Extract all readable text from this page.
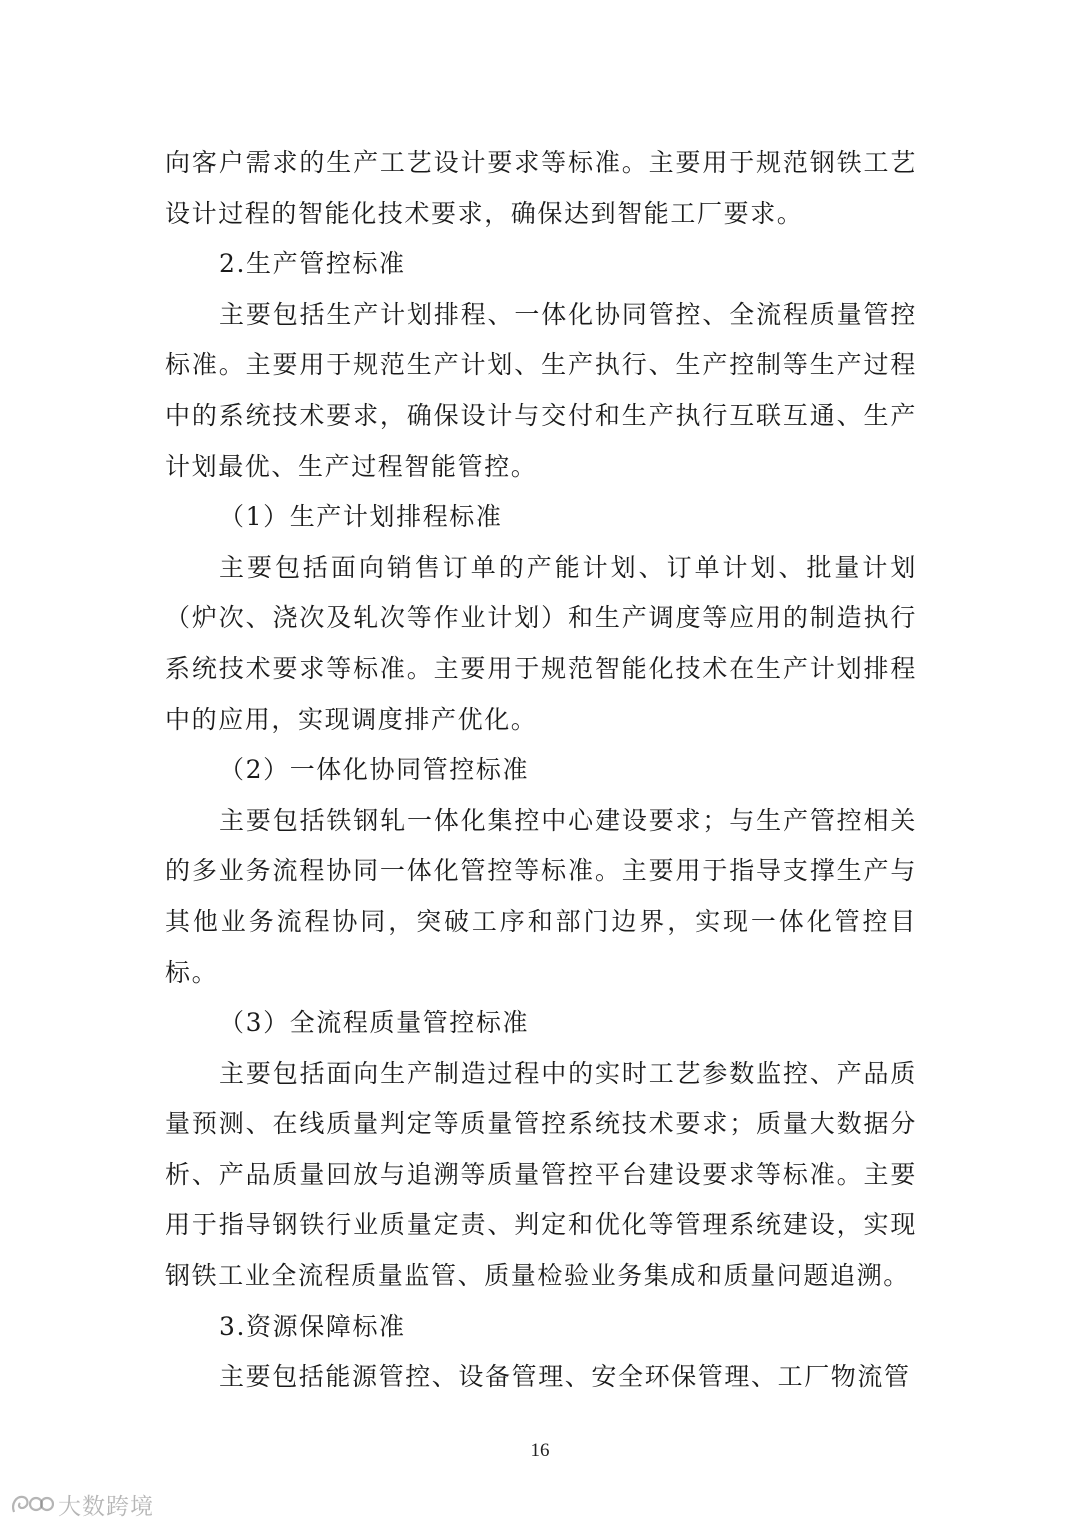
向客户需求的生产工艺设计要求等标准。主要用于规范钢铁工艺设计过程的智能化技术要求，确保达到智能工厂要求。

2.生产管控标准

主要包括生产计划排程、一体化协同管控、全流程质量管控标准。主要用于规范生产计划、生产执行、生产控制等生产过程中的系统技术要求，确保设计与交付和生产执行互联互通、生产计划最优、生产过程智能管控。

（1）生产计划排程标准

主要包括面向销售订单的产能计划、订单计划、批量计划（炉次、浇次及轧次等作业计划）和生产调度等应用的制造执行系统技术要求等标准。主要用于规范智能化技术在生产计划排程中的应用，实现调度排产优化。

（2）一体化协同管控标准

主要包括铁钢轧一体化集控中心建设要求；与生产管控相关的多业务流程协同一体化管控等标准。主要用于指导支撑生产与其他业务流程协同，突破工序和部门边界，实现一体化管控目标。

（3）全流程质量管控标准

主要包括面向生产制造过程中的实时工艺参数监控、产品质量预测、在线质量判定等质量管控系统技术要求；质量大数据分析、产品质量回放与追溯等质量管控平台建设要求等标准。主要用于指导钢铁行业质量定责、判定和优化等管理系统建设，实现钢铁工业全流程质量监管、质量检验业务集成和质量问题追溯。

3.资源保障标准

主要包括能源管控、设备管理、安全环保管理、工厂物流管

16
大数跨境
